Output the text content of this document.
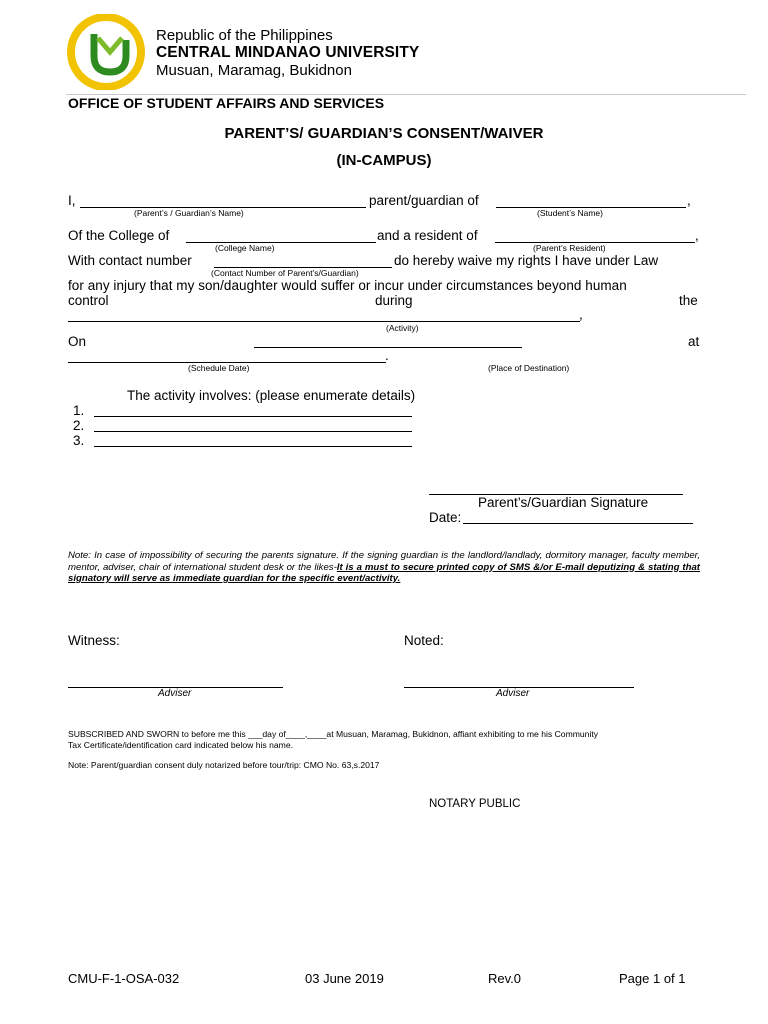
Republic of the Philippines
CENTRAL MINDANAO UNIVERSITY
Musuan, Maramag, Bukidnon
OFFICE OF STUDENT AFFAIRS AND SERVICES
PARENT’S/ GUARDIAN’S CONSENT/WAIVER
(IN-CAMPUS)
I,	parent/guardian of	,
(Parent’s / Guardian’s Name)	(Student’s Name)
Of the College of	and a resident of	,
(College Name)	(Parent’s Resident)
With contact number	do hereby waive my rights I have under Law
(Contact Number of Parent’s/Guardian)
for any injury that my son/daughter would suffer or incur under circumstances beyond human
control	during	the
,
(Activity)
On	at
.
(Schedule Date)	(Place of Destination)
The activity involves: (please enumerate details)
1.
2.
3.
Parent’s/Guardian Signature
Date:
Note: In case of impossibility of securing the parents signature. If the signing guardian is the landlord/landlady, dormitory manager, faculty member, mentor, adviser, chair of international student desk or the likes-It is a must to secure printed copy of SMS &/or E-mail deputizing & stating that signatory will serve as immediate guardian for the specific event/activity.
Witness:	Noted:
Adviser	Adviser
SUBSCRIBED AND SWORN to before me this ___day of____,____at Musuan, Maramag, Bukidnon, affiant exhibiting to me his Community
Tax Certificate/identification card indicated below his name.
Note: Parent/guardian consent duly notarized before tour/trip: CMO No. 63,s.2017
NOTARY PUBLIC
CMU-F-1-OSA-032	03 June 2019	Rev.0	Page 1 of 1
